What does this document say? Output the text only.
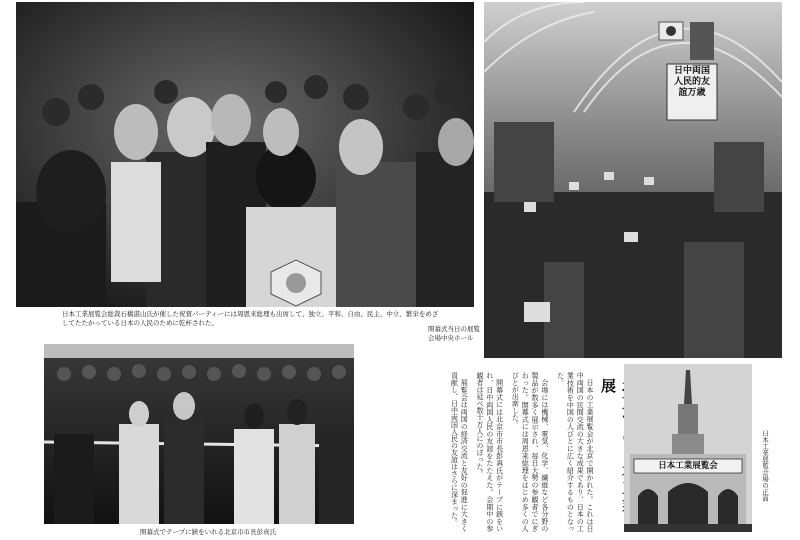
日本工業展覧会総裁石橋湛山氏が催した祝賀パーティーには周恩来総理も出席して、独立、平和、自由、民主、中立、繁栄をめざしてたたかっている日本の人民のために乾杯された。
日中両国人民的友誼万歳
開幕式当日の展覧
会場中央ホール
開幕式でテープに鋏をいれる北京市市長彭真氏
展

日本の工業展覧会が北京で開かれた。これは日中両国の民間交流の大きな成果であり、日本の工業技術を中国の人びとに広く紹介するものとなった。

会場には機械、電気、化学、繊維など各分野の製品が数多く展示され、毎日大勢の参観者でにぎわった。開幕式には周恩来総理をはじめ多くの人びとが出席した。

開幕式には北京市市長彭真氏がテープに鋏をいれ、日中両国人民の友誼をたたえた。会期中の参観者は延べ数十万人にのぼった。

展覧会は両国の経済交流と友好の促進に大きく貢献し、日中両国人民の友誼はさらに深まった。	日本工業展覧会	日本工業展覧会場の正面
